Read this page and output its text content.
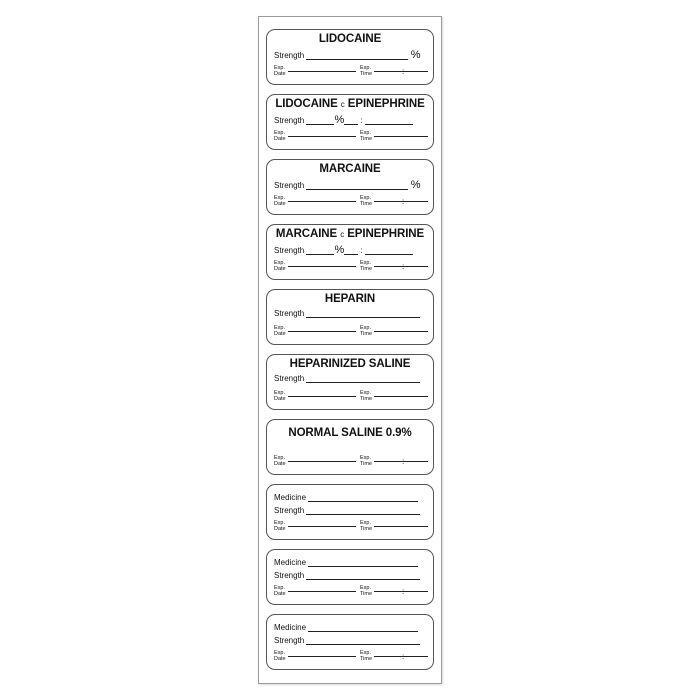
LIDOCAINE
Strength	%
Exp.
Date
Exp.
Time	:
LIDOCAINE c EPINEPHRINE
Strength	% :
Exp.
Date
Exp.
Time
MARCAINE
Strength	%
Exp.
Date
Exp.
Time	:
MARCAINE c EPINEPHRINE
Strength	% :
Exp.
Date
Exp.
Time	:
HEPARIN
Strength
Exp.
Date
Exp.
Time
HEPARINIZED SALINE
Strength
Exp.
Date
Exp.
Time
NORMAL SALINE 0.9%
Exp.
Date
Exp.
Time	:
Medicine
Strength
Exp.
Date
Exp.
Time
Medicine
Strength
Exp.
Date
Exp.
Time	:
Medicine
Strength
Exp.
Date
Exp.
Time	:
